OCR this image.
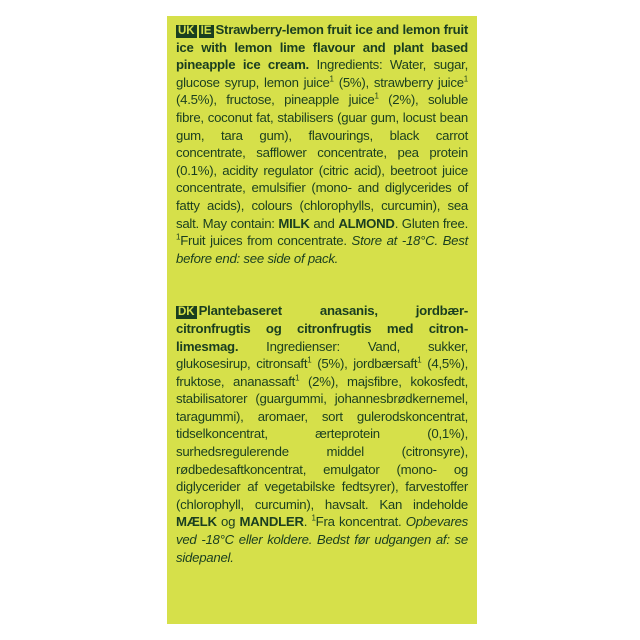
UK IE Strawberry-lemon fruit ice and lemon fruit ice with lemon lime flavour and plant based pineapple ice cream. Ingredients: Water, sugar, glucose syrup, lemon juice$^1$ (5%), strawberry juice$^1$ (4.5%), fructose, pineapple juice$^1$ (2%), soluble fibre, coconut fat, stabilisers (guar gum, locust bean gum, tara gum), flavourings, black carrot concentrate, safflower concentrate, pea protein (0.1%), acidity regulator (citric acid), beetroot juice concentrate, emulsifier (mono- and diglycerides of fatty acids), colours (chlorophylls, curcumin), sea salt. May contain: MILK and ALMOND. Gluten free. $^1$Fruit juices from concentrate. Store at -18°C. Best before end: see side of pack.

DK Plantebaseret anasanis, jordbær-citronfrugtis og citronfrugtis med citron-limesmag. Ingredienser: Vand, sukker, glukosesirup, citronsaft$^1$ (5%), jordbærsaft$^1$ (4,5%), fruktose, ananassaft$^1$ (2%), majsfibre, kokosfedt, stabilisatorer (guargummi, johannesbrødkernemel, taragummi), aromaer, sort gulerodskoncentrat, tidselkoncentrat, ærteprotein (0,1%), surhedsregulerende middel (citronsyre), rødbedesaftkoncentrat, emulgator (mono- og diglycerider af vegetabilske fedtsyrer), farvestoffer (chlorophyll, curcumin), havsalt. Kan indeholde MÆLK og MANDLER. $^1$Fra koncentrat. Opbevares ved -18°C eller koldere. Bedst før udgangen af: se sidepanel.
